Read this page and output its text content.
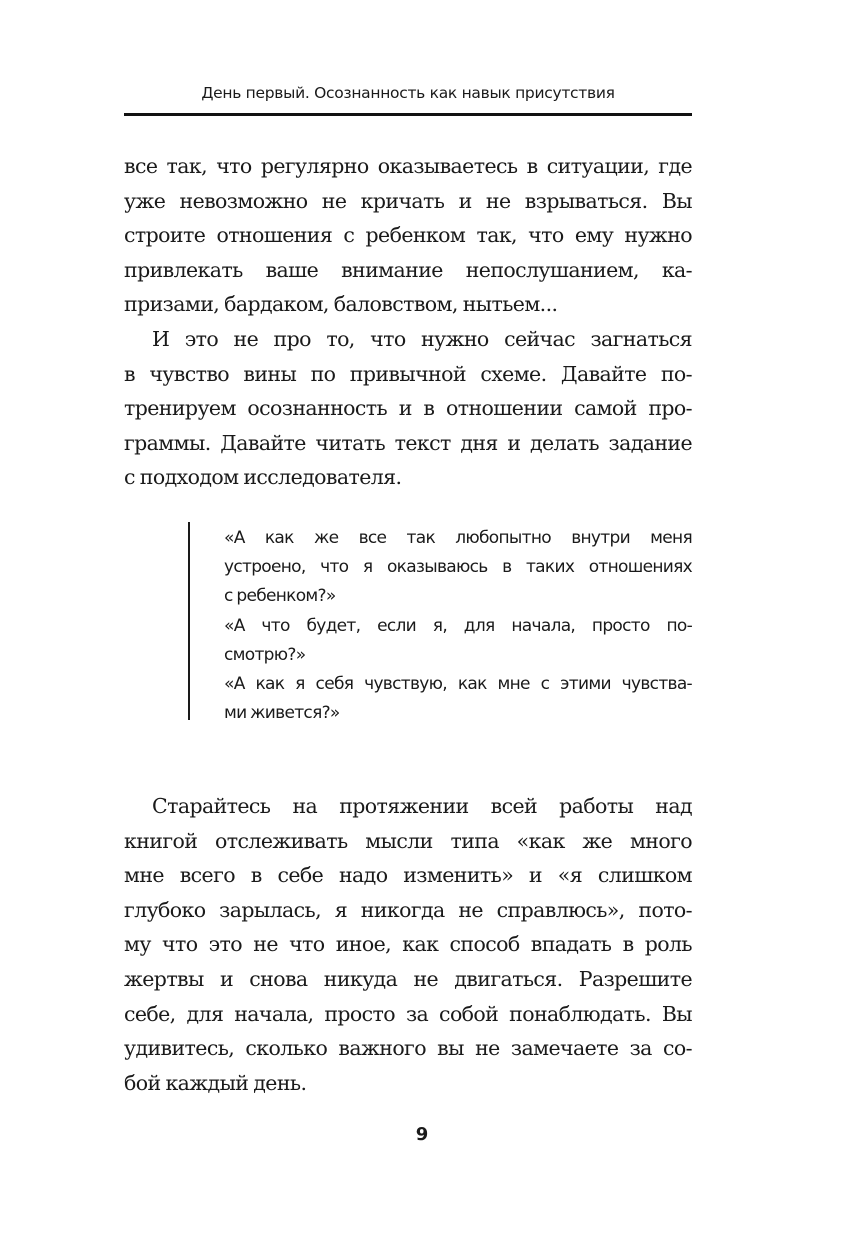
День первый. Осознанность как навык присутствия
все так, что регулярно оказываетесь в ситуации, где
уже невозможно не кричать и не взрываться. Вы
строите отношения с ребенком так, что ему нужно
привлекать ваше внимание непослушанием, ка-
призами, бардаком, баловством, нытьем...
И это не про то, что нужно сейчас загнаться
в чувство вины по привычной схеме. Давайте по-
тренируем осознанность и в отношении самой про-
граммы. Давайте читать текст дня и делать задание
с подходом исследователя.
«А как же все так любопытно внутри меня
устроено, что я оказываюсь в таких отношениях
с ребенком?»
«А что будет, если я, для начала, просто по-
смотрю?»
«А как я себя чувствую, как мне с этими чувства-
ми живется?»
Старайтесь на протяжении всей работы над
книгой отслеживать мысли типа «как же много
мне всего в себе надо изменить» и «я слишком
глубоко зарылась, я никогда не справлюсь», пото-
му что это не что иное, как способ впадать в роль
жертвы и снова никуда не двигаться. Разрешите
себе, для начала, просто за собой понаблюдать. Вы
удивитесь, сколько важного вы не замечаете за со-
бой каждый день.
9
